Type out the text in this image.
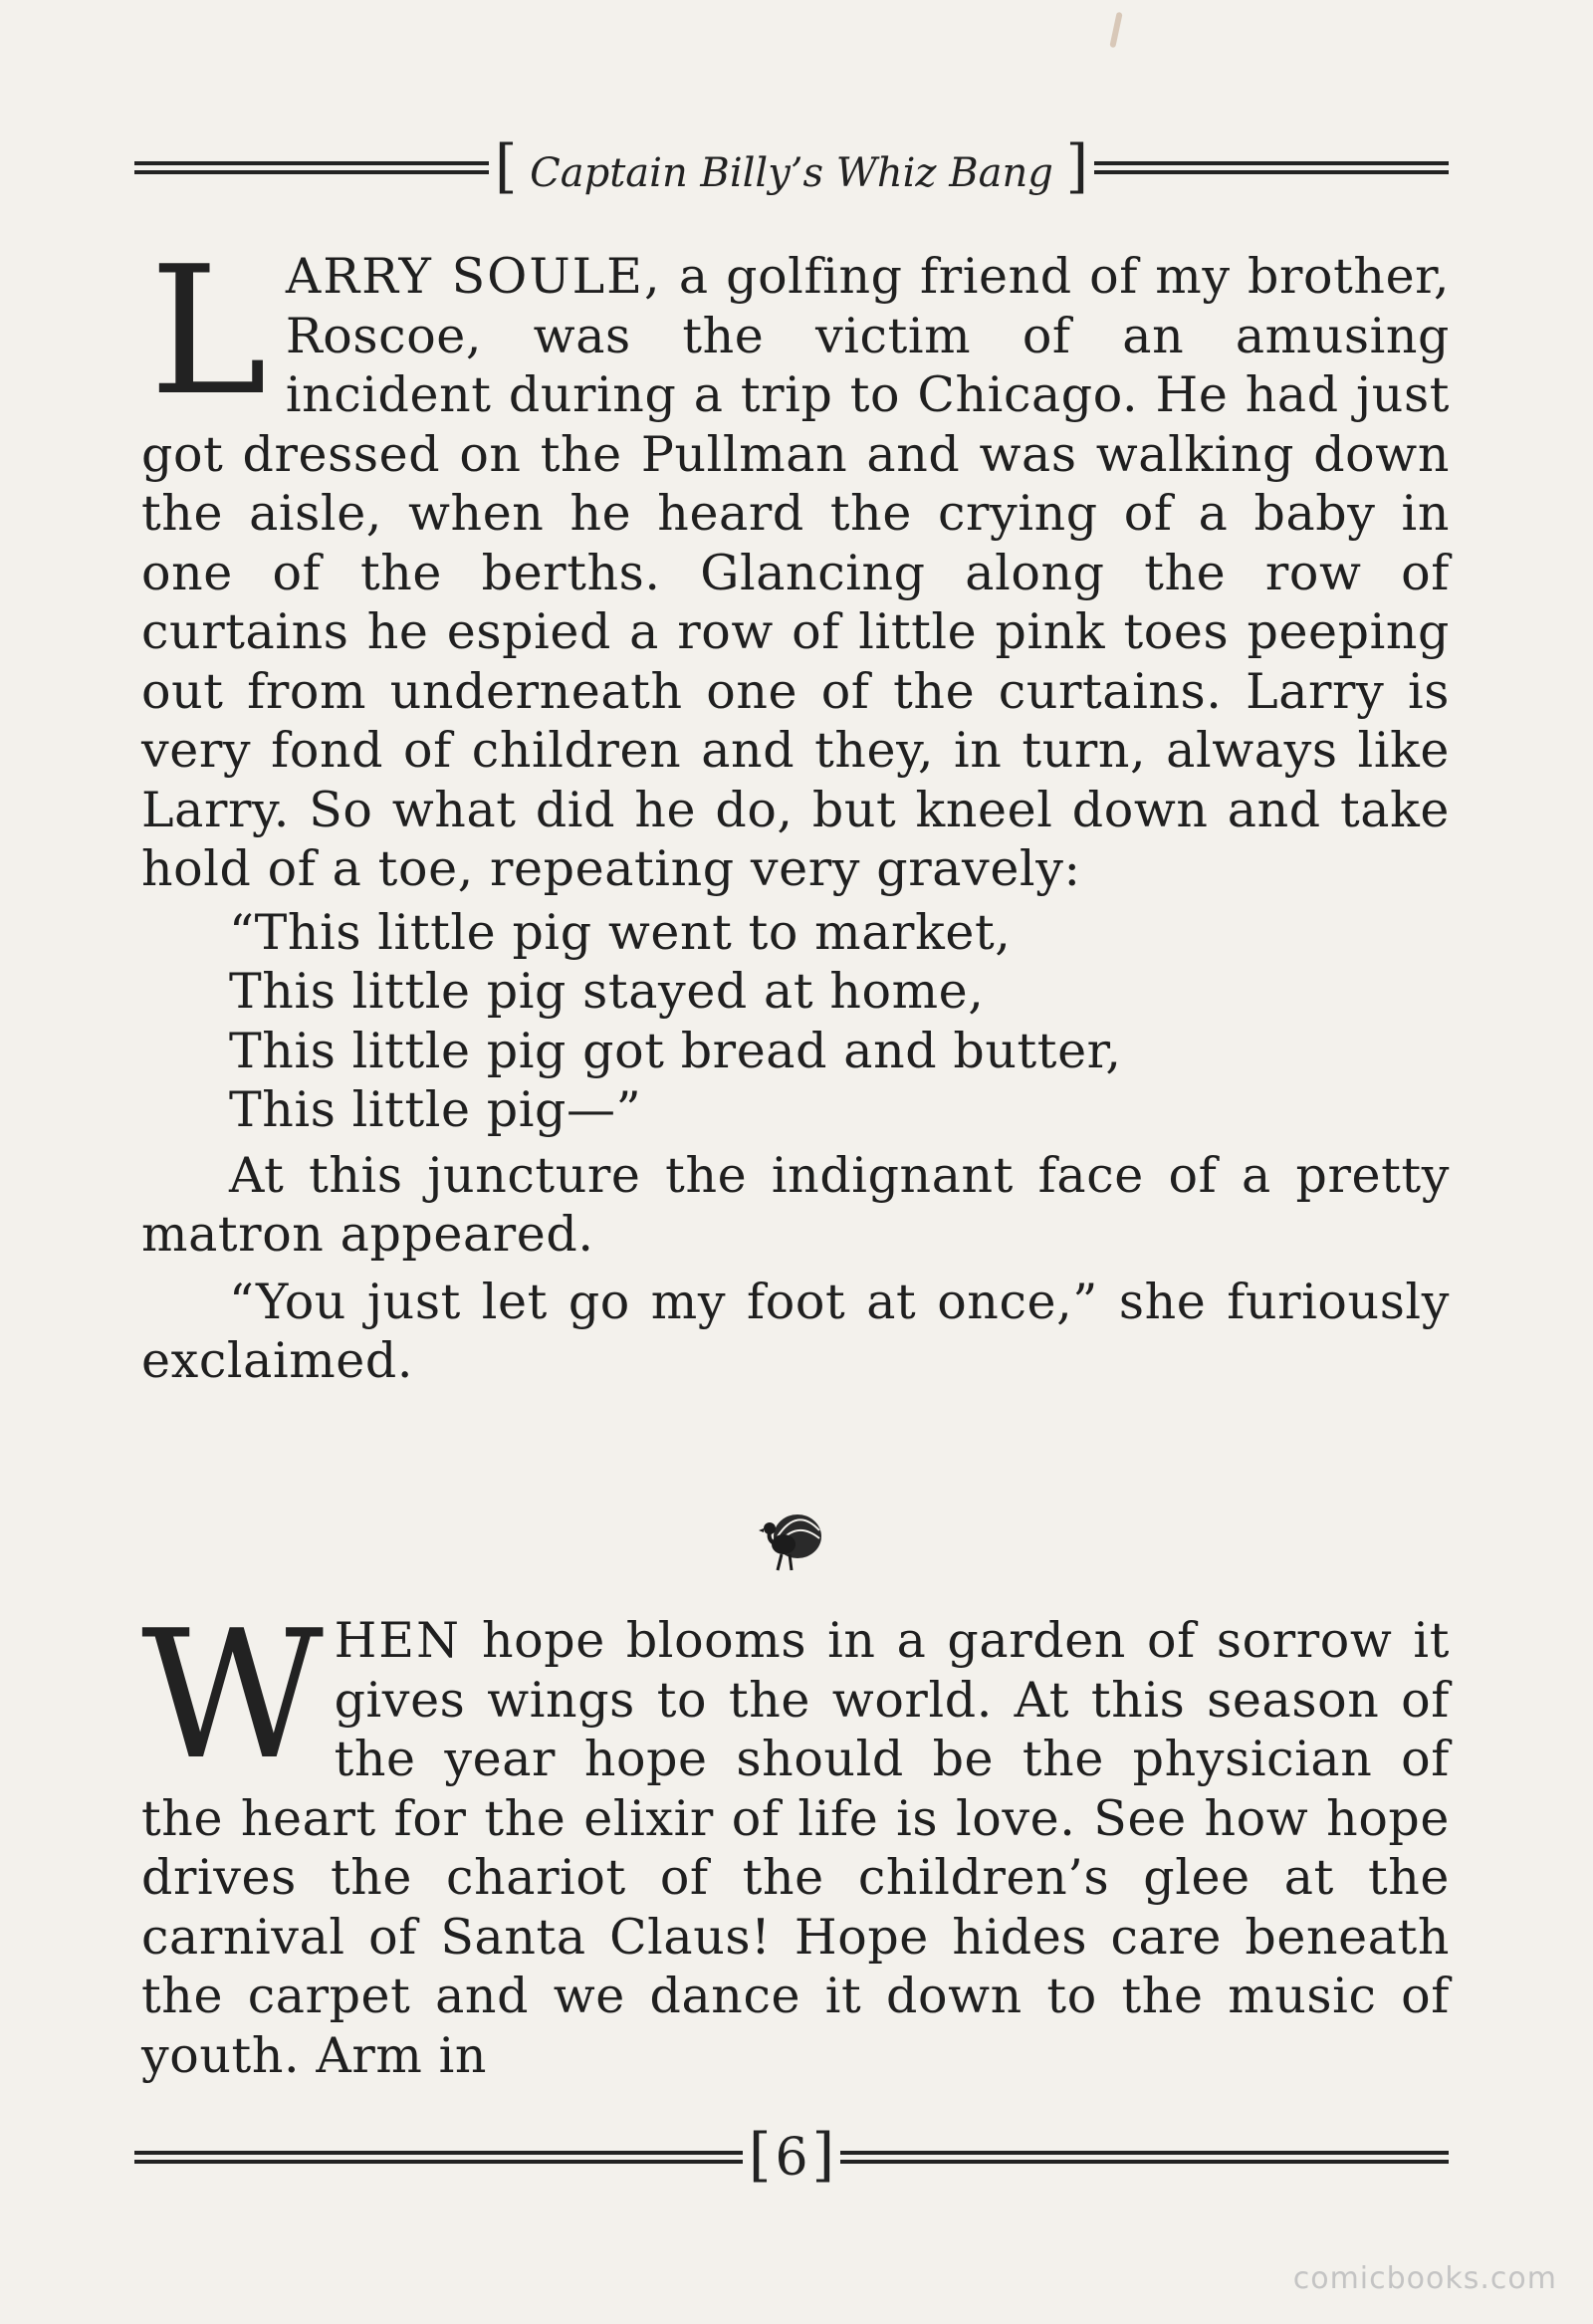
[ Captain Billy’s Whiz Bang ]

LARRY SOULE, a golfing friend of my brother, Roscoe, was the victim of an amusing incident during a trip to Chicago. He had just got dressed on the Pullman and was walking down the aisle, when he heard the crying of a baby in one of the berths. Glancing along the row of curtains he espied a row of little pink toes peeping out from underneath one of the curtains. Larry is very fond of children and they, in turn, always like Larry. So what did he do, but kneel down and take hold of a toe, repeating very gravely:

“This little pig went to market,
This little pig stayed at home,
This little pig got bread and butter,
This little pig—”

At this juncture the indignant face of a pretty matron appeared.

“You just let go my foot at once,” she furiously exclaimed.

WHEN hope blooms in a garden of sorrow it gives wings to the world. At this season of the year hope should be the physician of the heart for the elixir of life is love. See how hope drives the chariot of the children’s glee at the carnival of Santa Claus! Hope hides care beneath the carpet and we dance it down to the music of youth. Arm in

[6]
comicbooks.com
